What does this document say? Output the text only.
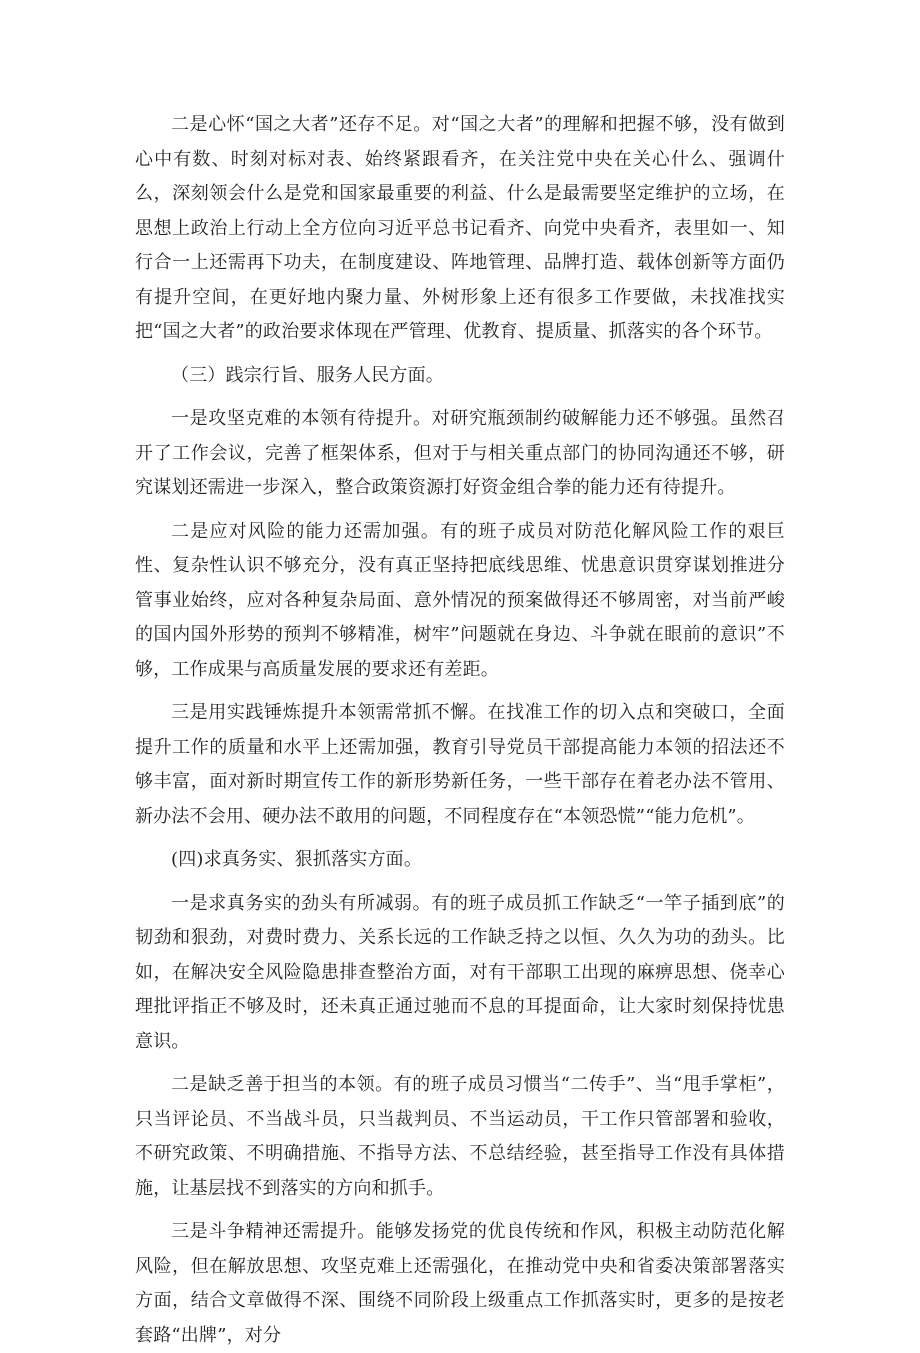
二是心怀“国之大者”还存不足。对“国之大者”的理解和把握不够，没有做到心中有数、时刻对标对表、始终紧跟看齐，在关注党中央在关心什么、强调什么，深刻领会什么是党和国家最重要的利益、什么是最需要坚定维护的立场，在思想上政治上行动上全方位向习近平总书记看齐、向党中央看齐，表里如一、知行合一上还需再下功夫，在制度建设、阵地管理、品牌打造、载体创新等方面仍有提升空间，在更好地内聚力量、外树形象上还有很多工作要做，未找准找实把“国之大者”的政治要求体现在严管理、优教育、提质量、抓落实的各个环节。

（三）践宗行旨、服务人民方面。

一是攻坚克难的本领有待提升。对研究瓶颈制约破解能力还不够强。虽然召开了工作会议，完善了框架体系，但对于与相关重点部门的协同沟通还不够，研究谋划还需进一步深入，整合政策资源打好资金组合拳的能力还有待提升。

二是应对风险的能力还需加强。有的班子成员对防范化解风险工作的艰巨性、复杂性认识不够充分，没有真正坚持把底线思维、忧患意识贯穿谋划推进分管事业始终，应对各种复杂局面、意外情况的预案做得还不够周密，对当前严峻的国内国外形势的预判不够精准，树牢”问题就在身边、斗争就在眼前的意识”不够，工作成果与高质量发展的要求还有差距。

三是用实践锤炼提升本领需常抓不懈。在找准工作的切入点和突破口，全面提升工作的质量和水平上还需加强，教育引导党员干部提高能力本领的招法还不够丰富，面对新时期宣传工作的新形势新任务，一些干部存在着老办法不管用、新办法不会用、硬办法不敢用的问题，不同程度存在“本领恐慌”“能力危机”。

(四)求真务实、狠抓落实方面。

一是求真务实的劲头有所减弱。有的班子成员抓工作缺乏“一竿子插到底”的韧劲和狠劲，对费时费力、关系长远的工作缺乏持之以恒、久久为功的劲头。比如，在解决安全风险隐患排查整治方面，对有干部职工出现的麻痹思想、侥幸心理批评指正不够及时，还未真正通过驰而不息的耳提面命，让大家时刻保持忧患意识。

二是缺乏善于担当的本领。有的班子成员习惯当“二传手”、当“甩手掌柜”，只当评论员、不当战斗员，只当裁判员、不当运动员，干工作只管部署和验收，不研究政策、不明确措施、不指导方法、不总结经验，甚至指导工作没有具体措施，让基层找不到落实的方向和抓手。

三是斗争精神还需提升。能够发扬党的优良传统和作风，积极主动防范化解风险，但在解放思想、攻坚克难上还需强化，在推动党中央和省委决策部署落实方面，结合文章做得不深、围绕不同阶段上级重点工作抓落实时，更多的是按老套路“出牌”，对分
